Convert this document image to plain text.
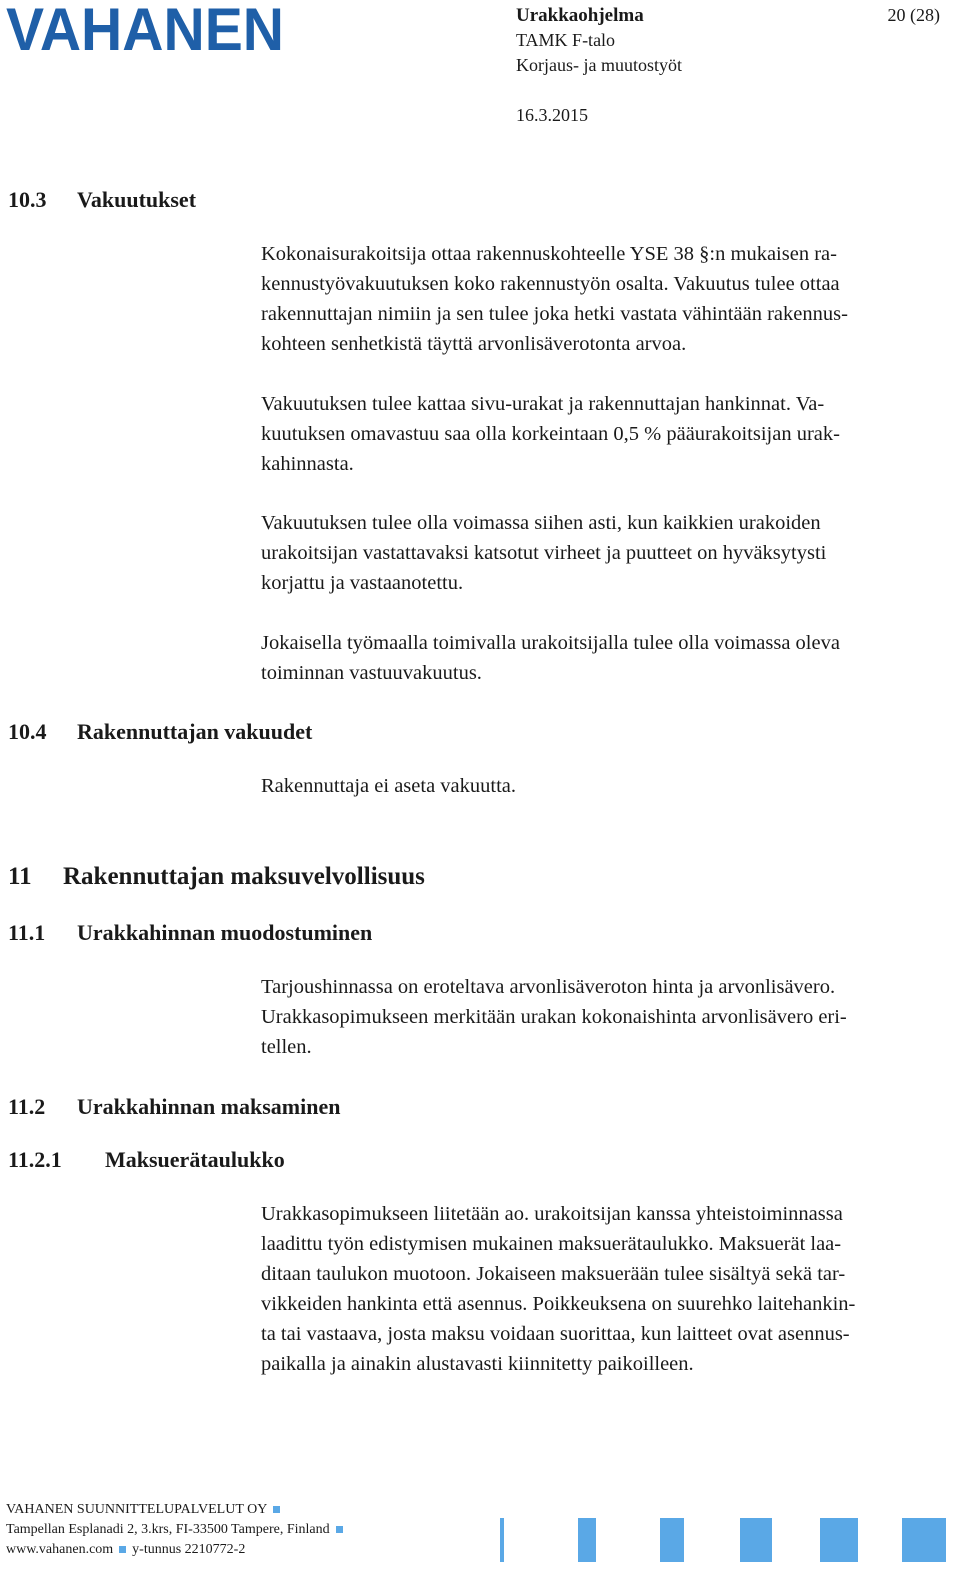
VAHANEN	Urakkaohjelma
TAMK F-talo
Korjaus- ja muutostyöt
16.3.2015
20 (28)
10.3 Vakuutukset
Kokonaisurakoitsija ottaa rakennuskohteelle YSE 38 §:n mukaisen ra-
kennustyövakuutuksen koko rakennustyön osalta. Vakuutus tulee ottaa
rakennuttajan nimiin ja sen tulee joka hetki vastata vähintään rakennus-
kohteen senhetkistä täyttä arvonlisäverotonta arvoa.
Vakuutuksen tulee kattaa sivu-urakat ja rakennuttajan hankinnat. Va-
kuutuksen omavastuu saa olla korkeintaan 0,5 % pääurakoitsijan urak-
kahinnasta.
Vakuutuksen tulee olla voimassa siihen asti, kun kaikkien urakoiden
urakoitsijan vastattavaksi katsotut virheet ja puutteet on hyväksytysti
korjattu ja vastaanotettu.
Jokaisella työmaalla toimivalla urakoitsijalla tulee olla voimassa oleva
toiminnan vastuuvakuutus.
10.4 Rakennuttajan vakuudet
Rakennuttaja ei aseta vakuutta.
11 Rakennuttajan maksuvelvollisuus
11.1 Urakkahinnan muodostuminen
Tarjoushinnassa on eroteltava arvonlisäveroton hinta ja arvonlisävero.
Urakkasopimukseen merkitään urakan kokonaishinta arvonlisävero eri-
tellen.
11.2 Urakkahinnan maksaminen
11.2.1 Maksuerätaulukko
Urakkasopimukseen liitetään ao. urakoitsijan kanssa yhteistoiminnassa
laadittu työn edistymisen mukainen maksuerätaulukko. Maksuerät laa-
ditaan taulukon muotoon. Jokaiseen maksuerään tulee sisältyä sekä tar-
vikkeiden hankinta että asennus. Poikkeuksena on suurehko laitehankin-
ta tai vastaava, josta maksu voidaan suorittaa, kun laitteet ovat asennus-
paikalla ja ainakin alustavasti kiinnitetty paikoilleen.
VAHANEN SUUNNITTELUPALVELUT OY
Tampellan Esplanadi 2, 3.krs, FI-33500 Tampere, Finland
www.vahanen.com y-tunnus 2210772-2
